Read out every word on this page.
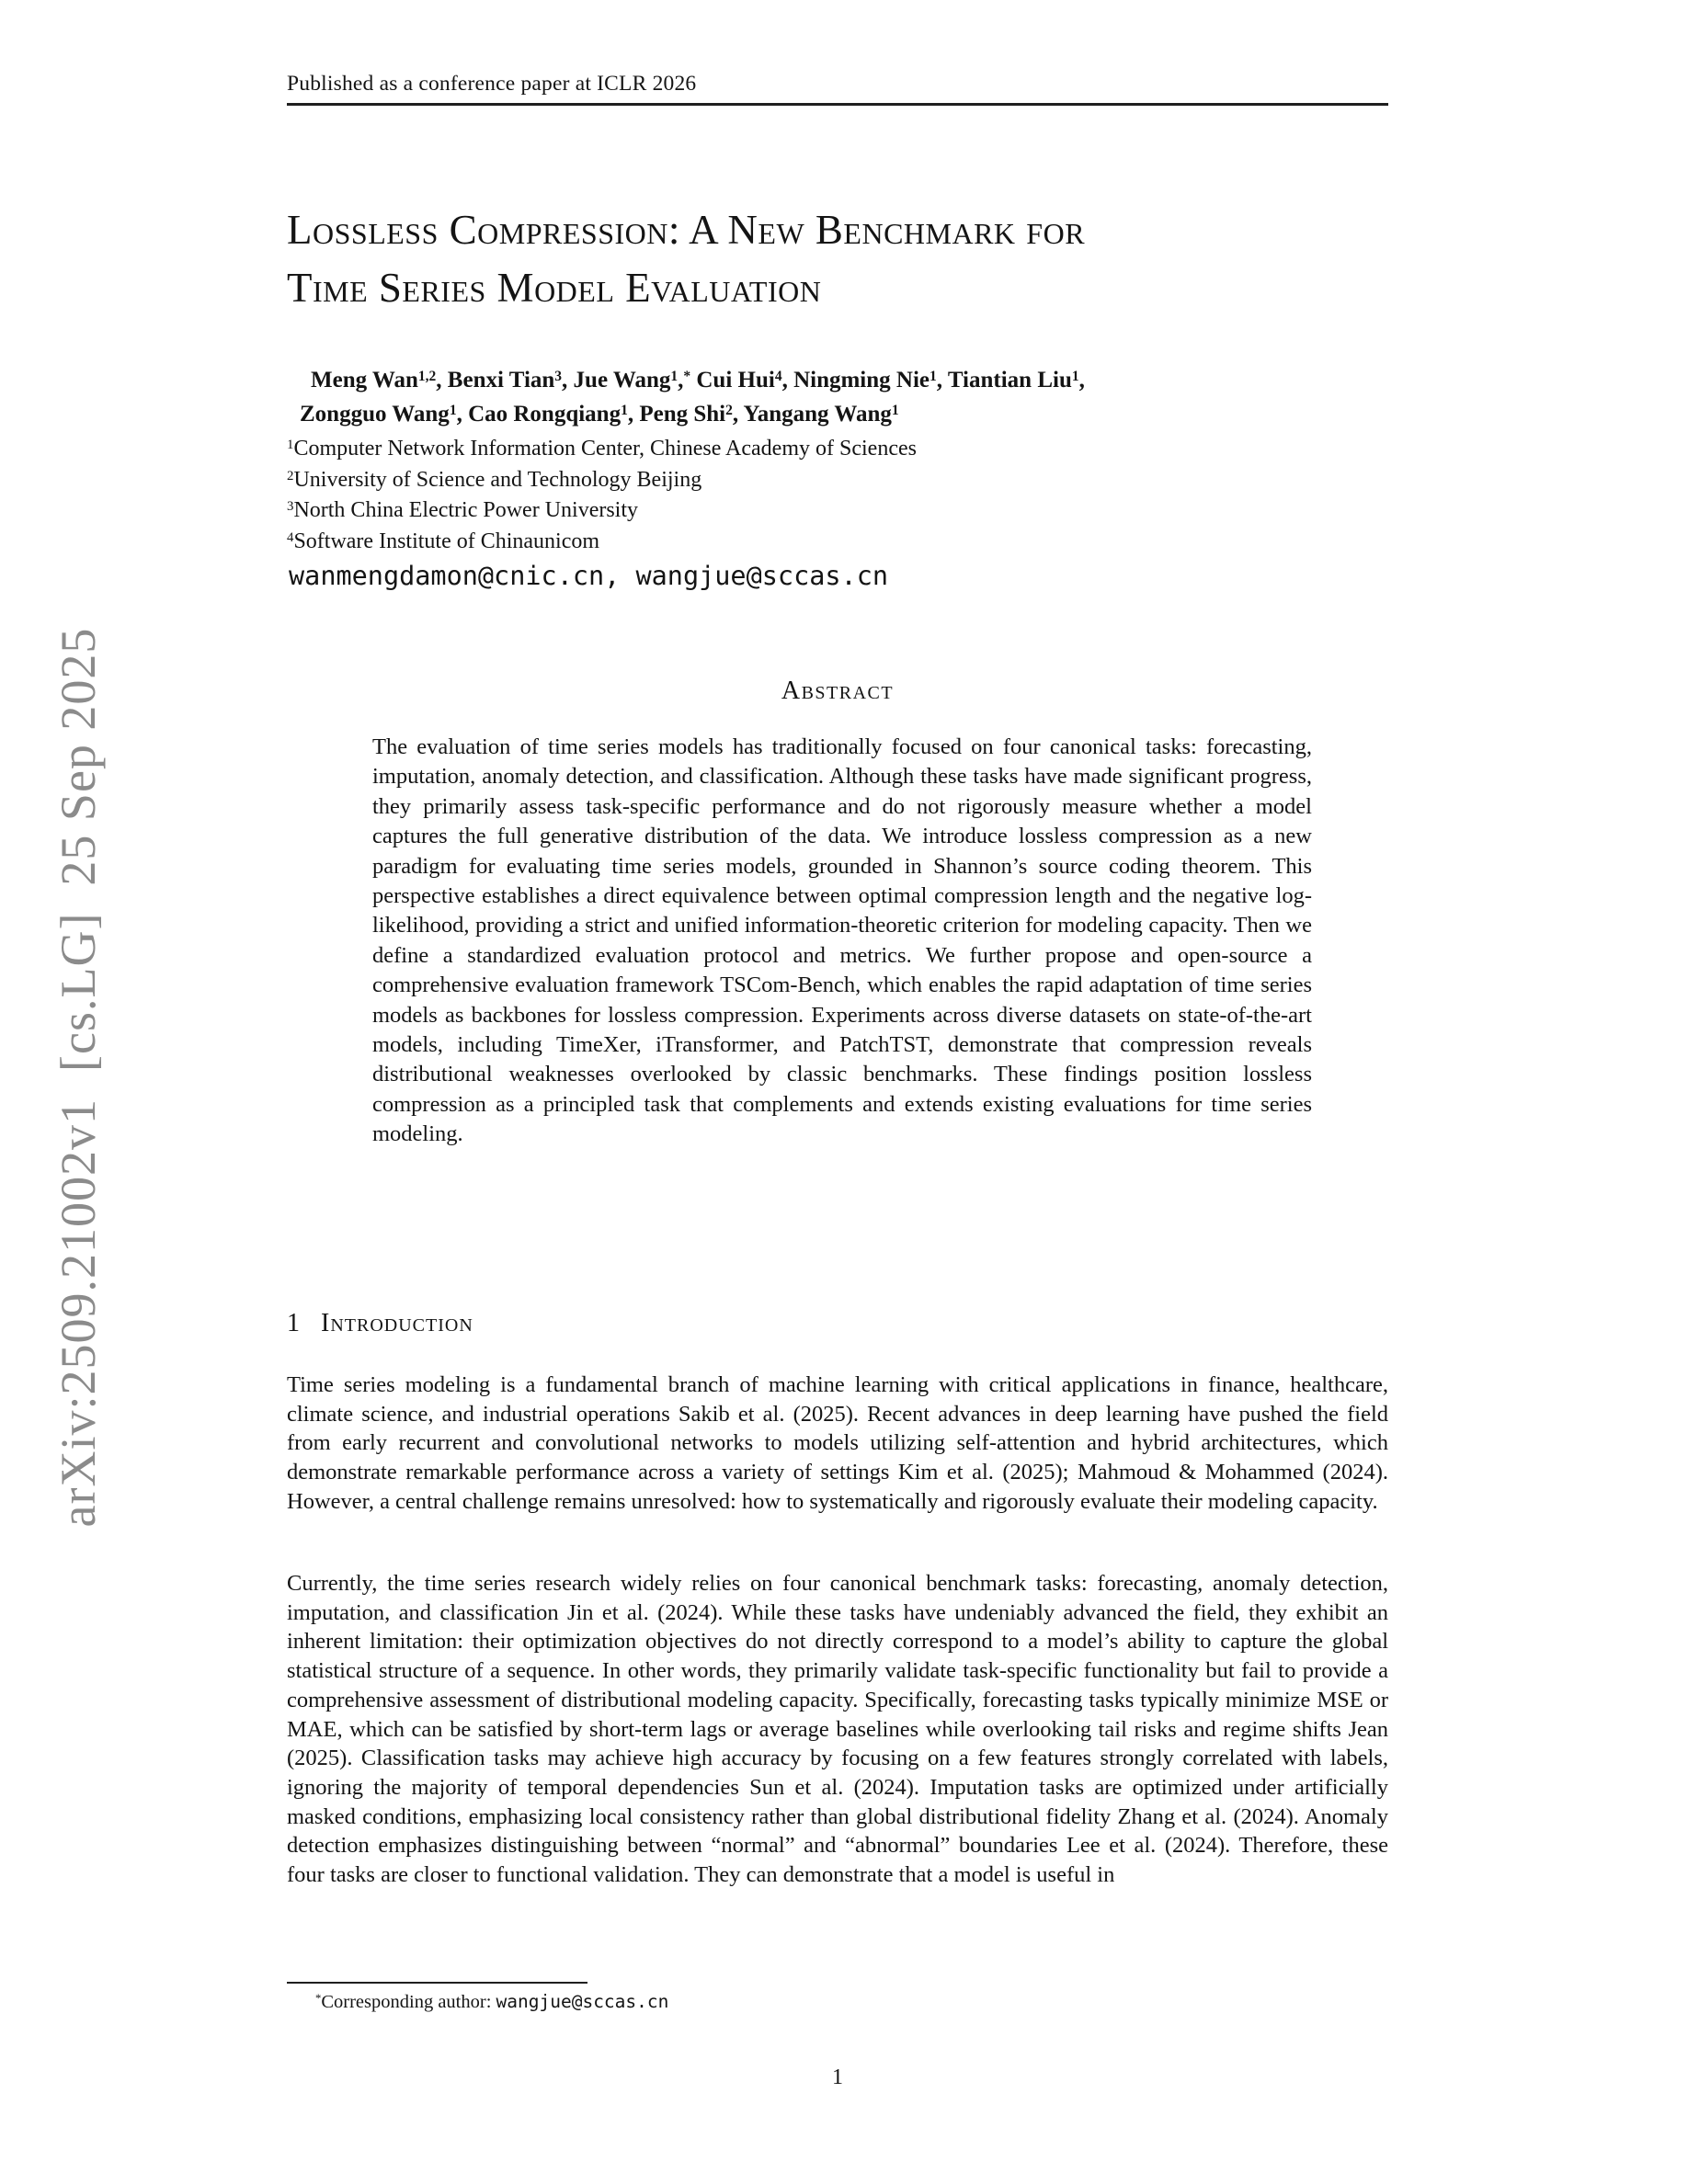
arXiv:2509.21002v1  [cs.LG]  25 Sep 2025
Published as a conference paper at ICLR 2026
Lossless Compression: A New Benchmark for
Time Series Model Evaluation
Meng Wan$^{1,2}$, Benxi Tian$^3$, Jue Wang$^1$,* Cui Hui$^4$, Ningming Nie$^1$, Tiantian Liu$^1$,
Zongguo Wang$^1$, Cao Rongqiang$^1$, Peng Shi$^2$, Yangang Wang$^1$
$^1$Computer Network Information Center, Chinese Academy of Sciences
$^2$University of Science and Technology Beijing
$^3$North China Electric Power University
$^4$Software Institute of Chinaunicom
wanmengdamon@cnic.cn, wangjue@sccas.cn
Abstract

The evaluation of time series models has traditionally focused on four canonical tasks: forecasting, imputation, anomaly detection, and classification. Although these tasks have made significant progress, they primarily assess task-specific performance and do not rigorously measure whether a model captures the full generative distribution of the data. We introduce lossless compression as a new paradigm for evaluating time series models, grounded in Shannon’s source coding theorem. This perspective establishes a direct equivalence between optimal compression length and the negative log-likelihood, providing a strict and unified information-theoretic criterion for modeling capacity. Then we define a standardized evaluation protocol and metrics. We further propose and open-source a comprehensive evaluation framework TSCom-Bench, which enables the rapid adaptation of time series models as backbones for lossless compression. Experiments across diverse datasets on state-of-the-art models, including TimeXer, iTransformer, and PatchTST, demonstrate that compression reveals distributional weaknesses overlooked by classic benchmarks. These findings position lossless compression as a principled task that complements and extends existing evaluations for time series modeling.

1 Introduction

Time series modeling is a fundamental branch of machine learning with critical applications in finance, healthcare, climate science, and industrial operations Sakib et al. (2025). Recent advances in deep learning have pushed the field from early recurrent and convolutional networks to models utilizing self-attention and hybrid architectures, which demonstrate remarkable performance across a variety of settings Kim et al. (2025); Mahmoud & Mohammed (2024). However, a central challenge remains unresolved: how to systematically and rigorously evaluate their modeling capacity.

Currently, the time series research widely relies on four canonical benchmark tasks: forecasting, anomaly detection, imputation, and classification Jin et al. (2024). While these tasks have undeniably advanced the field, they exhibit an inherent limitation: their optimization objectives do not directly correspond to a model’s ability to capture the global statistical structure of a sequence. In other words, they primarily validate task-specific functionality but fail to provide a comprehensive assessment of distributional modeling capacity. Specifically, forecasting tasks typically minimize MSE or MAE, which can be satisfied by short-term lags or average baselines while overlooking tail risks and regime shifts Jean (2025). Classification tasks may achieve high accuracy by focusing on a few features strongly correlated with labels, ignoring the majority of temporal dependencies Sun et al. (2024). Imputation tasks are optimized under artificially masked conditions, emphasizing local consistency rather than global distributional fidelity Zhang et al. (2024). Anomaly detection emphasizes distinguishing between “normal” and “abnormal” boundaries Lee et al. (2024). Therefore, these four tasks are closer to functional validation. They can demonstrate that a model is useful in

*Corresponding author: wangjue@sccas.cn
1
